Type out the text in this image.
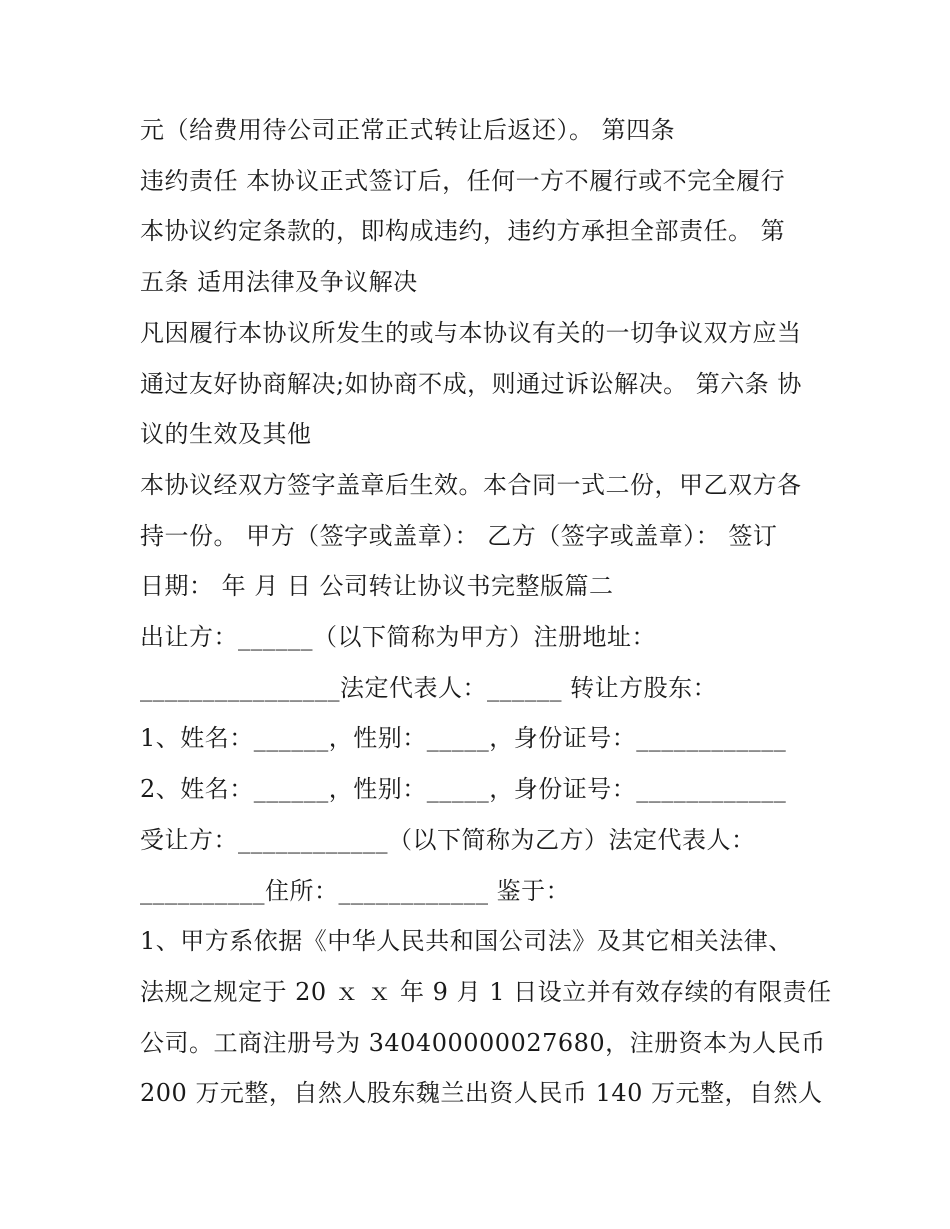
元（给费用待公司正常正式转让后返还）。 第四条
违约责任 本协议正式签订后，任何一方不履行或不完全履行
本协议约定条款的，即构成违约，违约方承担全部责任。 第
五条 适用法律及争议解决
凡因履行本协议所发生的或与本协议有关的一切争议双方应当
通过友好协商解决;如协商不成，则通过诉讼解决。 第六条 协
议的生效及其他
本协议经双方签字盖章后生效。本合同一式二份，甲乙双方各
持一份。 甲方（签字或盖章）： 乙方（签字或盖章）： 签订
日期： 年 月 日 公司转让协议书完整版篇二
出让方：______（以下简称为甲方）注册地址：
________________法定代表人：______ 转让方股东：
1、姓名：______，性别：_____，身份证号：____________
2、姓名：______，性别：_____，身份证号：____________
受让方：____________（以下简称为乙方）法定代表人：
__________住所：____________ 鉴于：
1、甲方系依据《中华人民共和国公司法》及其它相关法律、
法规之规定于 20 ｘ ｘ 年 9 月 1 日设立并有效存续的有限责任
公司。工商注册号为 340400000027680，注册资本为人民币
200 万元整，自然人股东魏兰出资人民币 140 万元整，自然人
